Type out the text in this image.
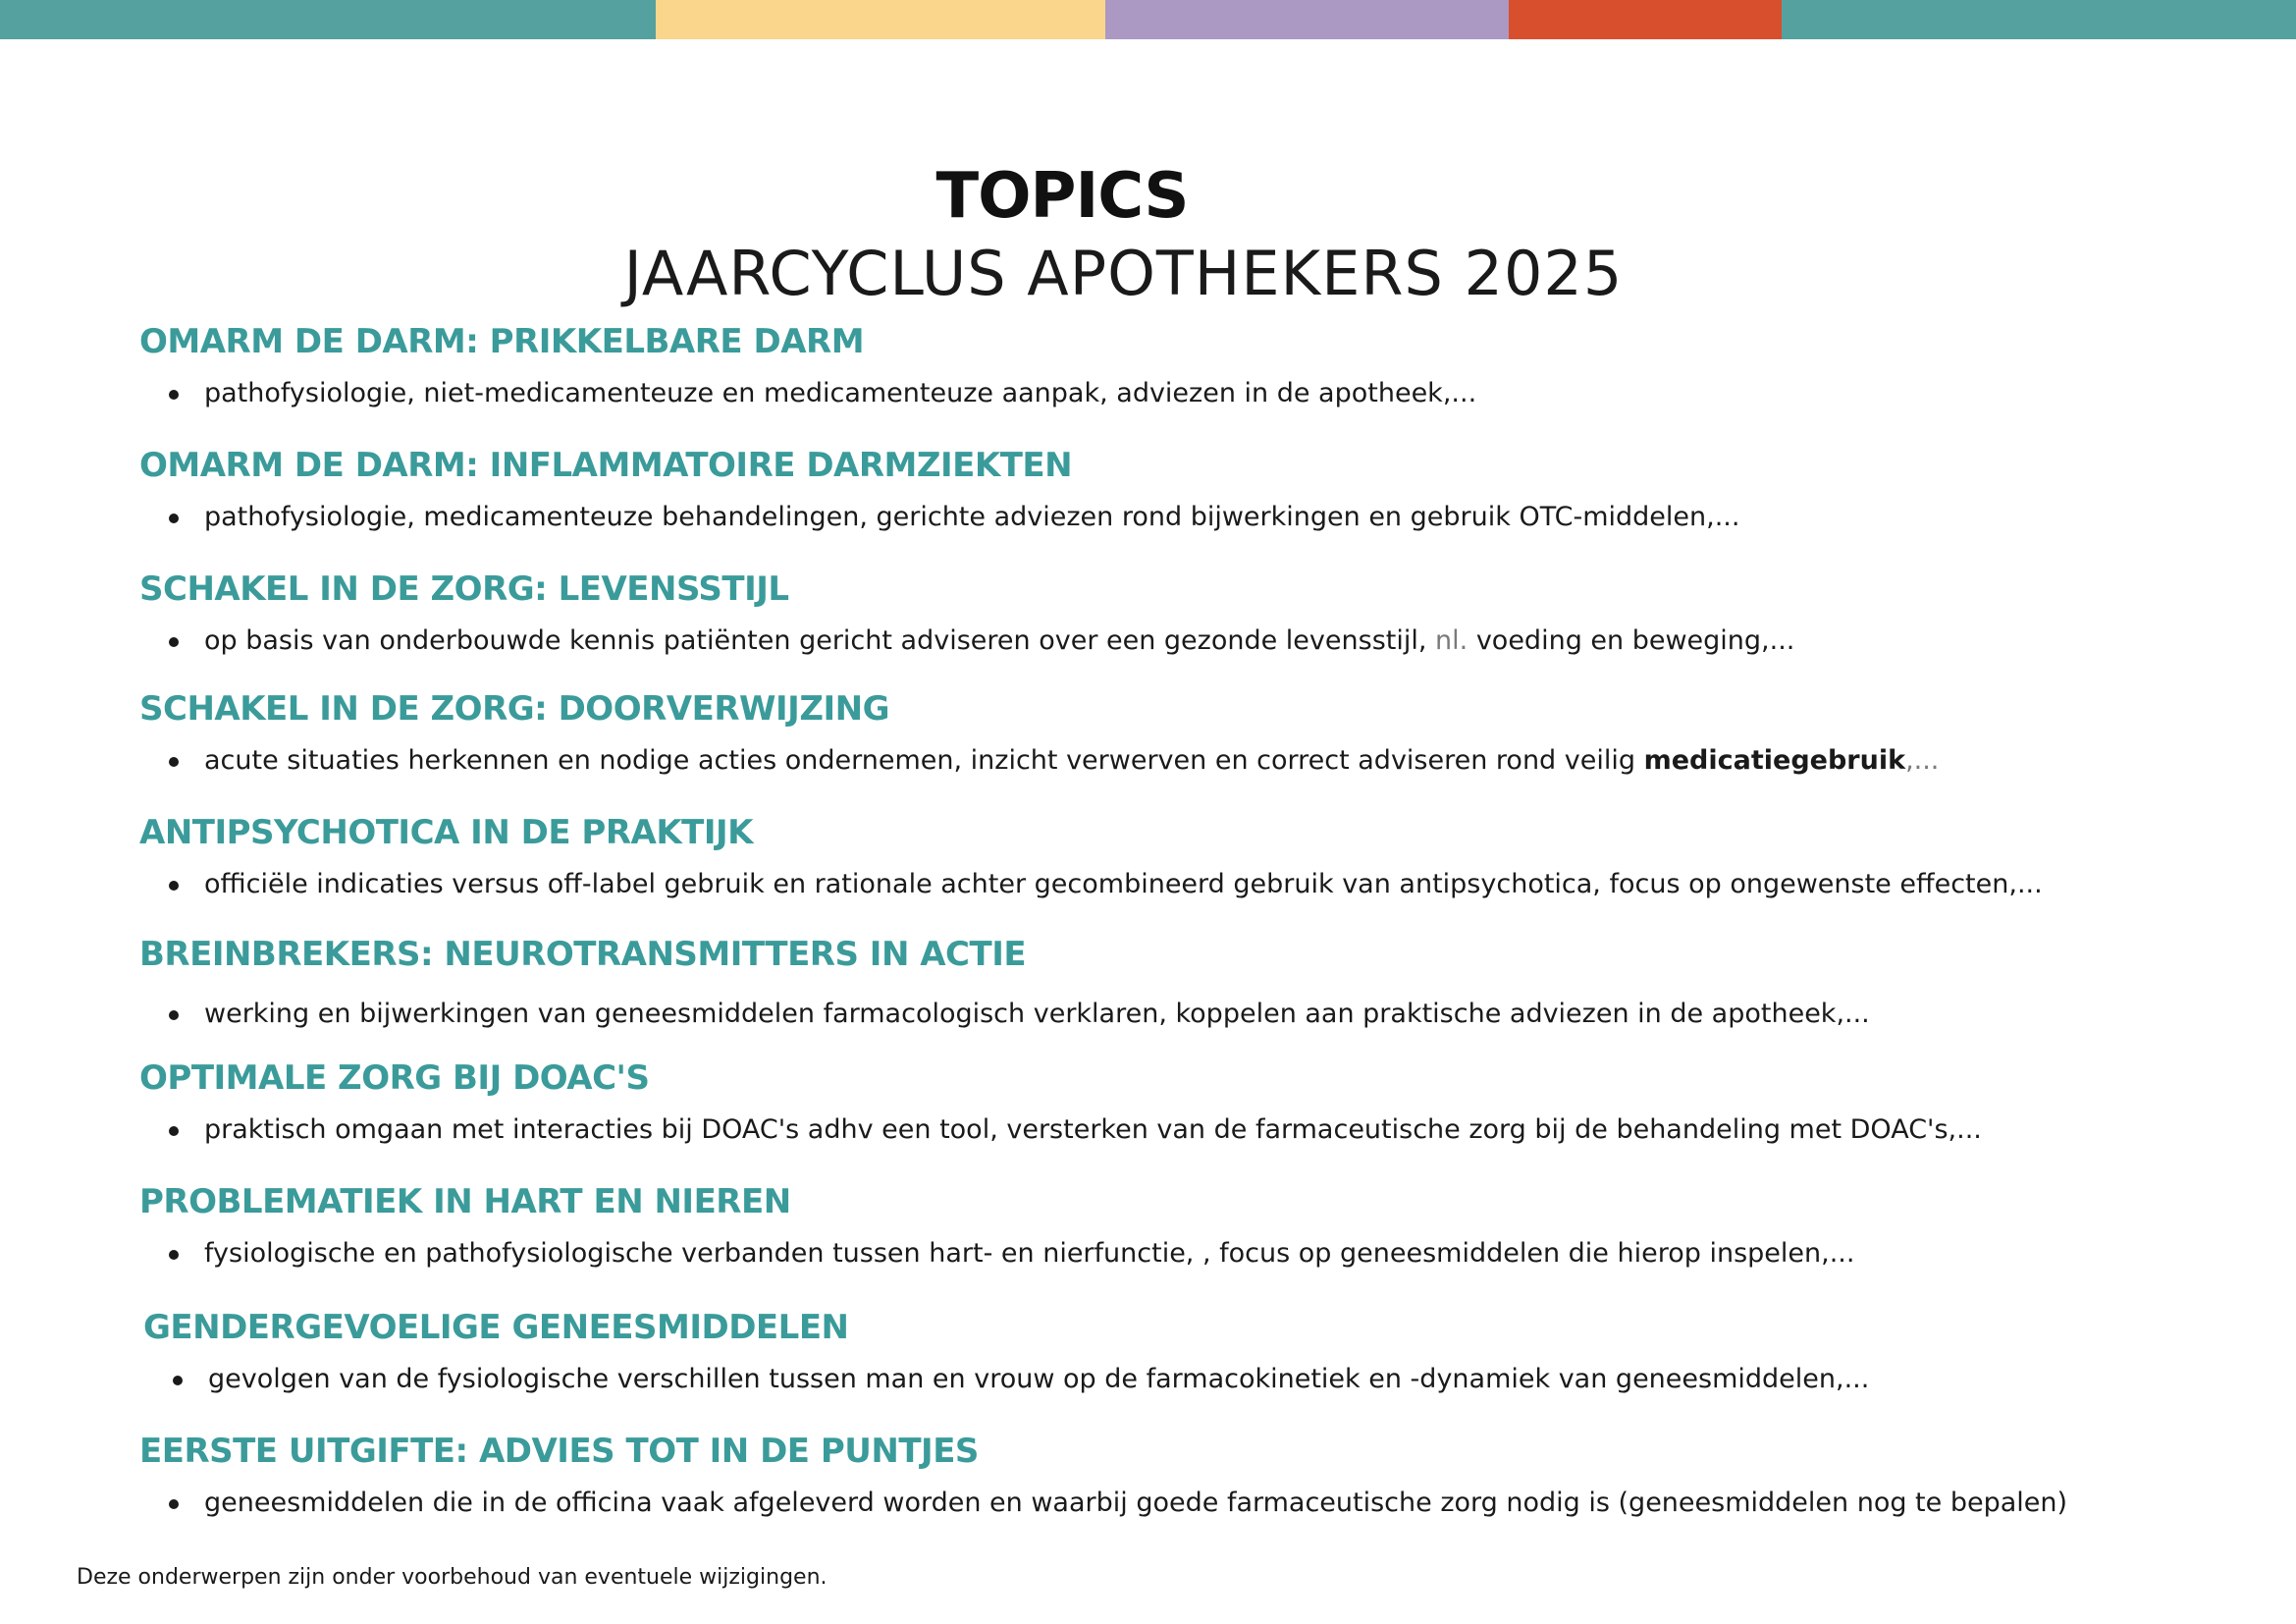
TOPICS
JAARCYCLUS APOTHEKERS 2025
OMARM DE DARM: PRIKKELBARE DARM
pathofysiologie, niet-medicamenteuze en medicamenteuze aanpak, adviezen in de apotheek,...
OMARM DE DARM: INFLAMMATOIRE DARMZIEKTEN
pathofysiologie, medicamenteuze behandelingen, gerichte adviezen rond bijwerkingen en gebruik OTC-middelen,...
SCHAKEL IN DE ZORG: LEVENSSTIJL
op basis van onderbouwde kennis patiënten gericht adviseren over een gezonde levensstijl, nl. voeding en beweging,...
SCHAKEL IN DE ZORG: DOORVERWIJZING
acute situaties herkennen en nodige acties ondernemen, inzicht verwerven en correct adviseren rond veilig medicatiegebruik,...
ANTIPSYCHOTICA IN DE PRAKTIJK
officiële indicaties versus off-label gebruik en rationale achter gecombineerd gebruik van antipsychotica, focus op ongewenste effecten,...
BREINBREKERS: NEUROTRANSMITTERS IN ACTIE
werking en bijwerkingen van geneesmiddelen farmacologisch verklaren, koppelen aan praktische adviezen in de apotheek,...
OPTIMALE ZORG BIJ DOAC'S
praktisch omgaan met interacties bij DOAC's adhv een tool, versterken van de farmaceutische zorg bij de behandeling met DOAC's,...
PROBLEMATIEK IN HART EN NIEREN
fysiologische en pathofysiologische verbanden tussen hart- en nierfunctie, , focus op geneesmiddelen die hierop inspelen,...
GENDERGEVOELIGE GENEESMIDDELEN
gevolgen van de fysiologische verschillen tussen man en vrouw op de farmacokinetiek en -dynamiek van geneesmiddelen,...
EERSTE UITGIFTE: ADVIES TOT IN DE PUNTJES
geneesmiddelen die in de officina vaak afgeleverd worden en waarbij goede farmaceutische zorg nodig is (geneesmiddelen nog te bepalen)
Deze onderwerpen zijn onder voorbehoud van eventuele wijzigingen.
